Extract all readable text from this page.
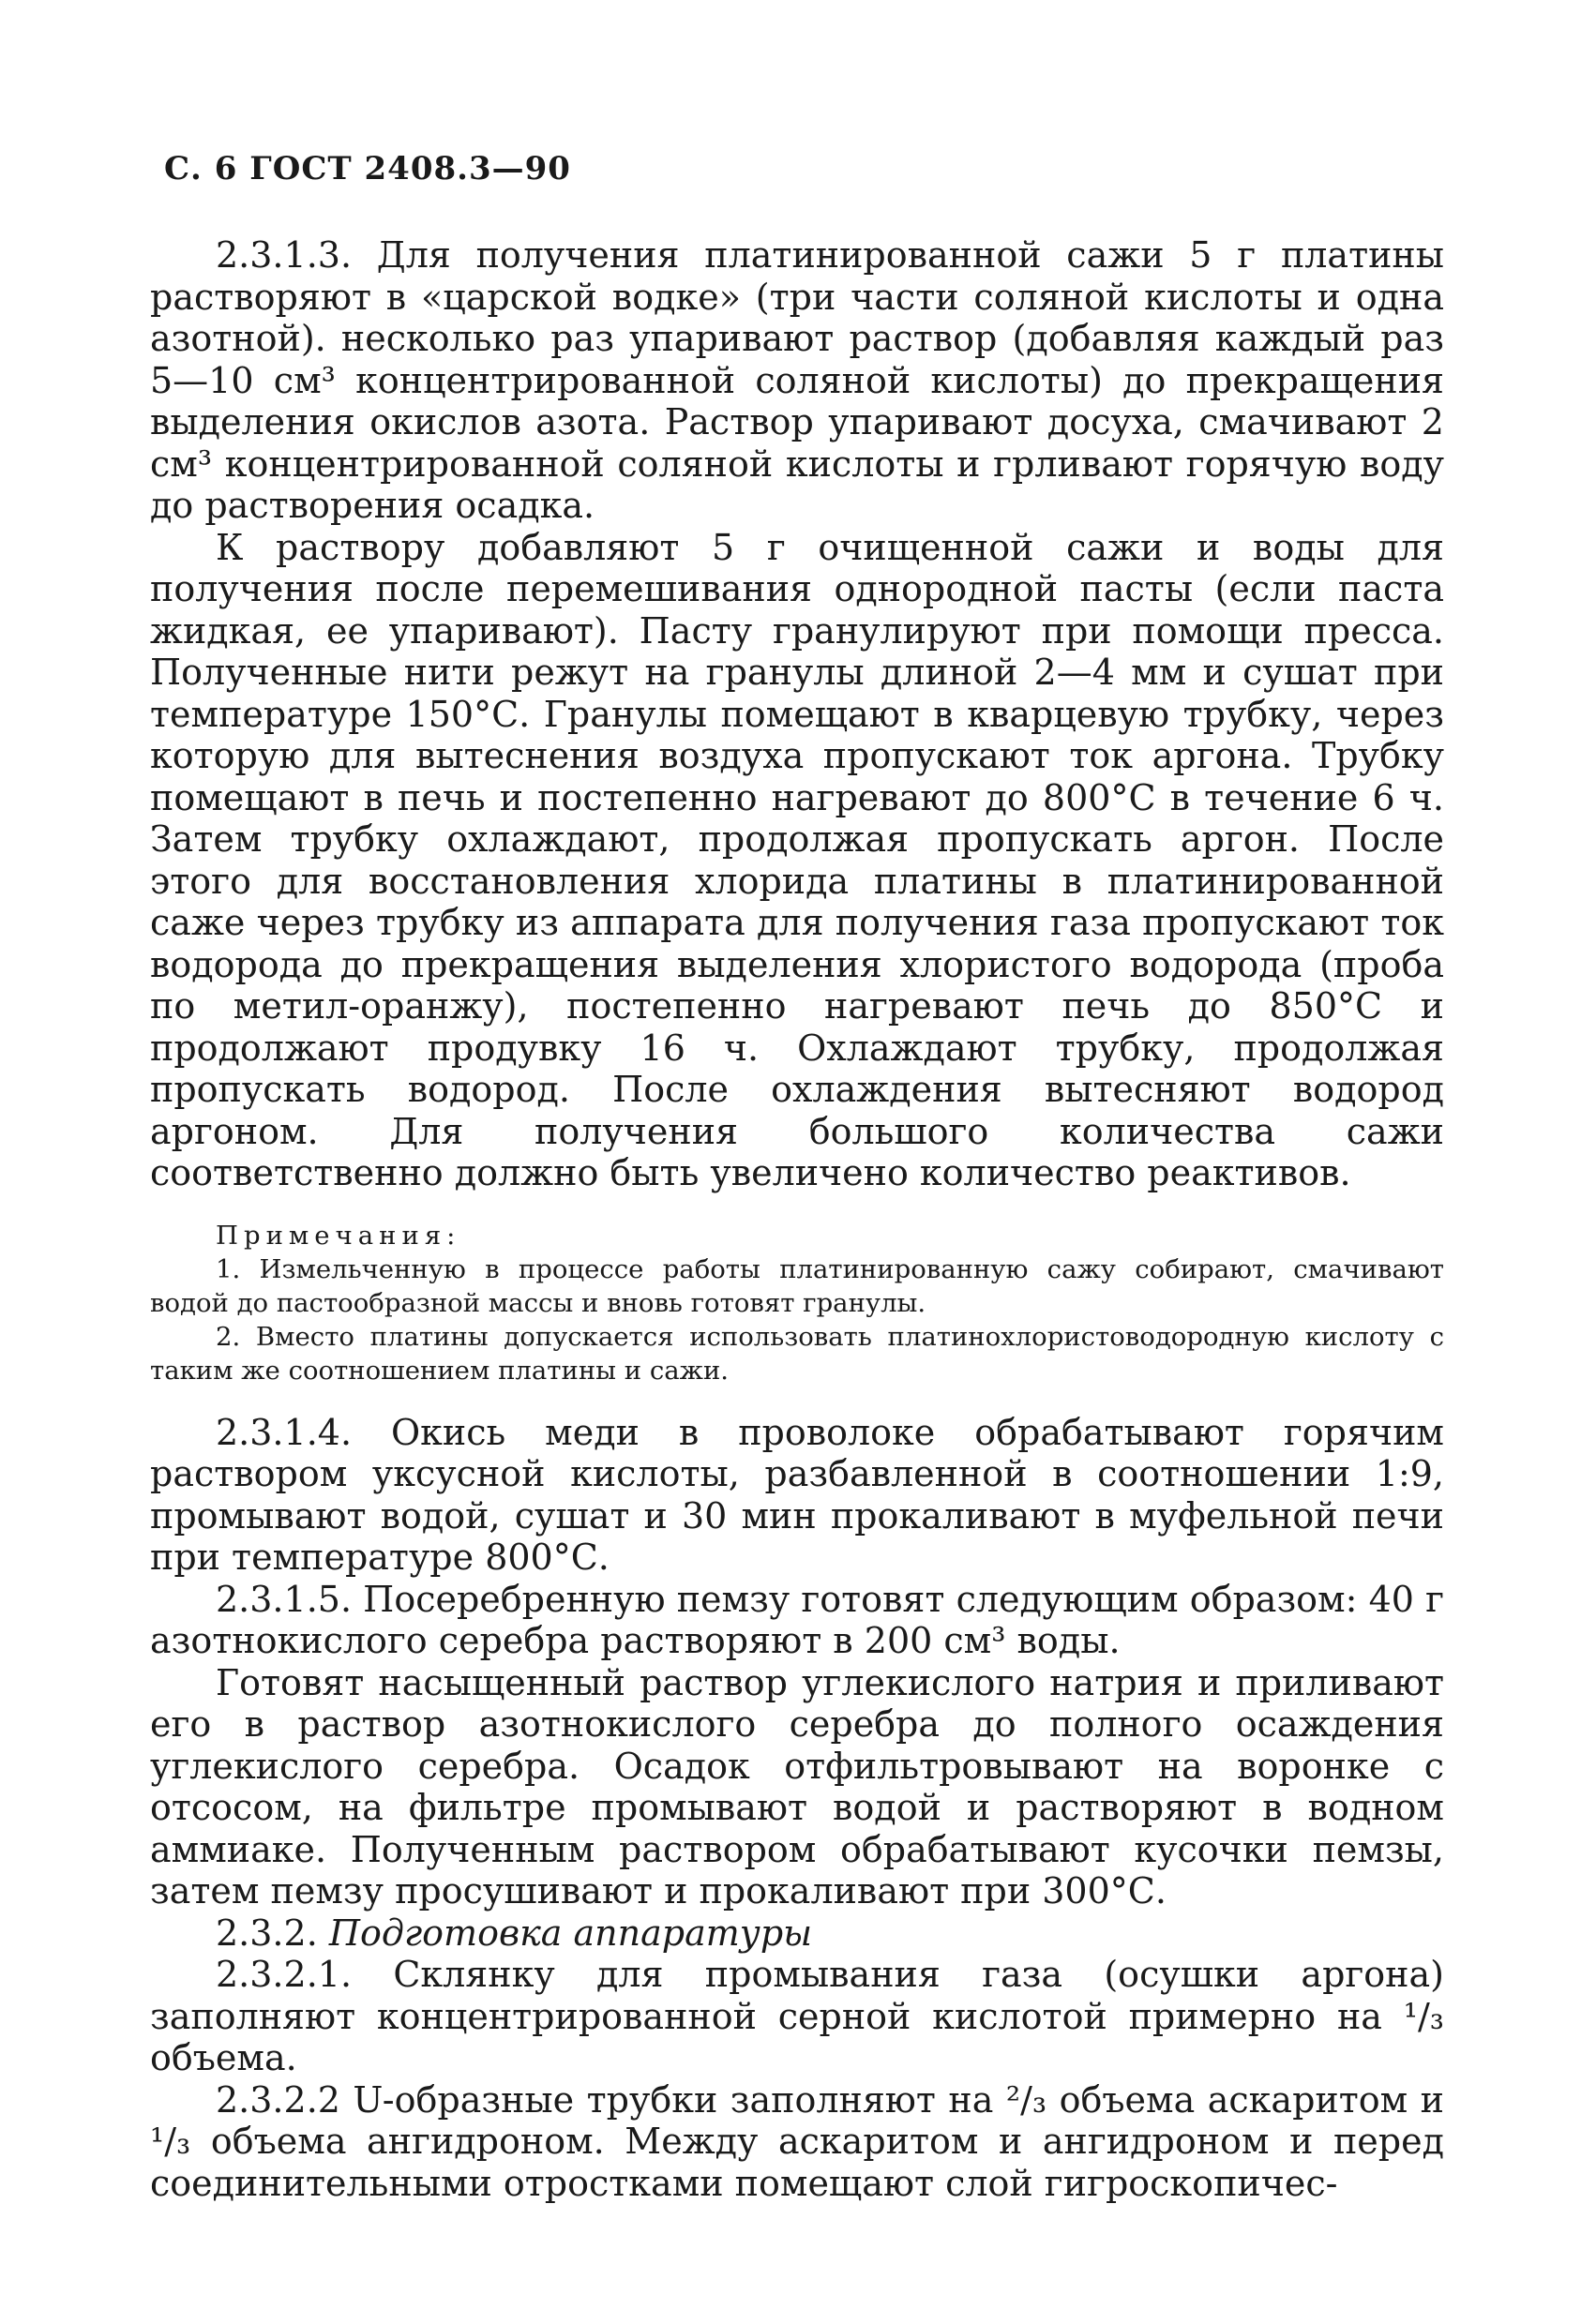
С. 6 ГОСТ 2408.3—90

2.3.1.3. Для получения платинированной сажи 5 г платины растворяют в «царской водке» (три части соляной кислоты и одна азотной). несколько раз упаривают раствор (добавляя каждый раз 5—10 см³ концентрированной соляной кислоты) до прекращения выделения окислов азота. Раствор упаривают досуха, смачивают 2 см³ концентрированной соляной кислоты и грливают горячую воду до растворения осадка.

К раствору добавляют 5 г очищенной сажи и воды для получения после перемешивания однородной пасты (если паста жидкая, ее упаривают). Пасту гранулируют при помощи пресса. Полученные нити режут на гранулы длиной 2—4 мм и сушат при температуре 150°С. Гранулы помещают в кварцевую трубку, через которую для вытеснения воздуха пропускают ток аргона. Трубку помещают в печь и постепенно нагревают до 800°С в течение 6 ч. Затем трубку охлаждают, продолжая пропускать аргон. После этого для восстановления хлорида платины в платинированной саже через трубку из аппарата для получения газа пропускают ток водорода до прекращения выделения хлористого водорода (проба по метил-оранжу), постепенно нагревают печь до 850°С и продолжают продувку 16 ч. Охлаждают трубку, продолжая пропускать водород. После охлаждения вытесняют водород аргоном. Для получения большого количества сажи соответственно должно быть увеличено количество реактивов.

Примечания:

1. Измельченную в процессе работы платинированную сажу собирают, смачивают водой до пастообразной массы и вновь готовят гранулы.

2. Вместо платины допускается использовать платинохлористоводородную кислоту с таким же соотношением платины и сажи.

2.3.1.4. Окись меди в проволоке обрабатывают горячим раствором уксусной кислоты, разбавленной в соотношении 1:9, промывают водой, сушат и 30 мин прокаливают в муфельной печи при температуре 800°С.

2.3.1.5. Посеребренную пемзу готовят следующим образом: 40 г азотнокислого серебра растворяют в 200 см³ воды.

Готовят насыщенный раствор углекислого натрия и приливают его в раствор азотнокислого серебра до полного осаждения углекислого серебра. Осадок отфильтровывают на воронке с отсосом, на фильтре промывают водой и растворяют в водном аммиаке. Полученным раствором обрабатывают кусочки пемзы, затем пемзу просушивают и прокаливают при 300°С.

2.3.2. Подготовка аппаратуры

2.3.2.1. Склянку для промывания газа (осушки аргона) заполняют концентрированной серной кислотой примерно на ¹/₃ объема.

2.3.2.2 U-образные трубки заполняют на ²/₃ объема аскаритом и ¹/₃ объема ангидроном. Между аскаритом и ангидроном и перед соединительными отростками помещают слой гигроскопичес-
